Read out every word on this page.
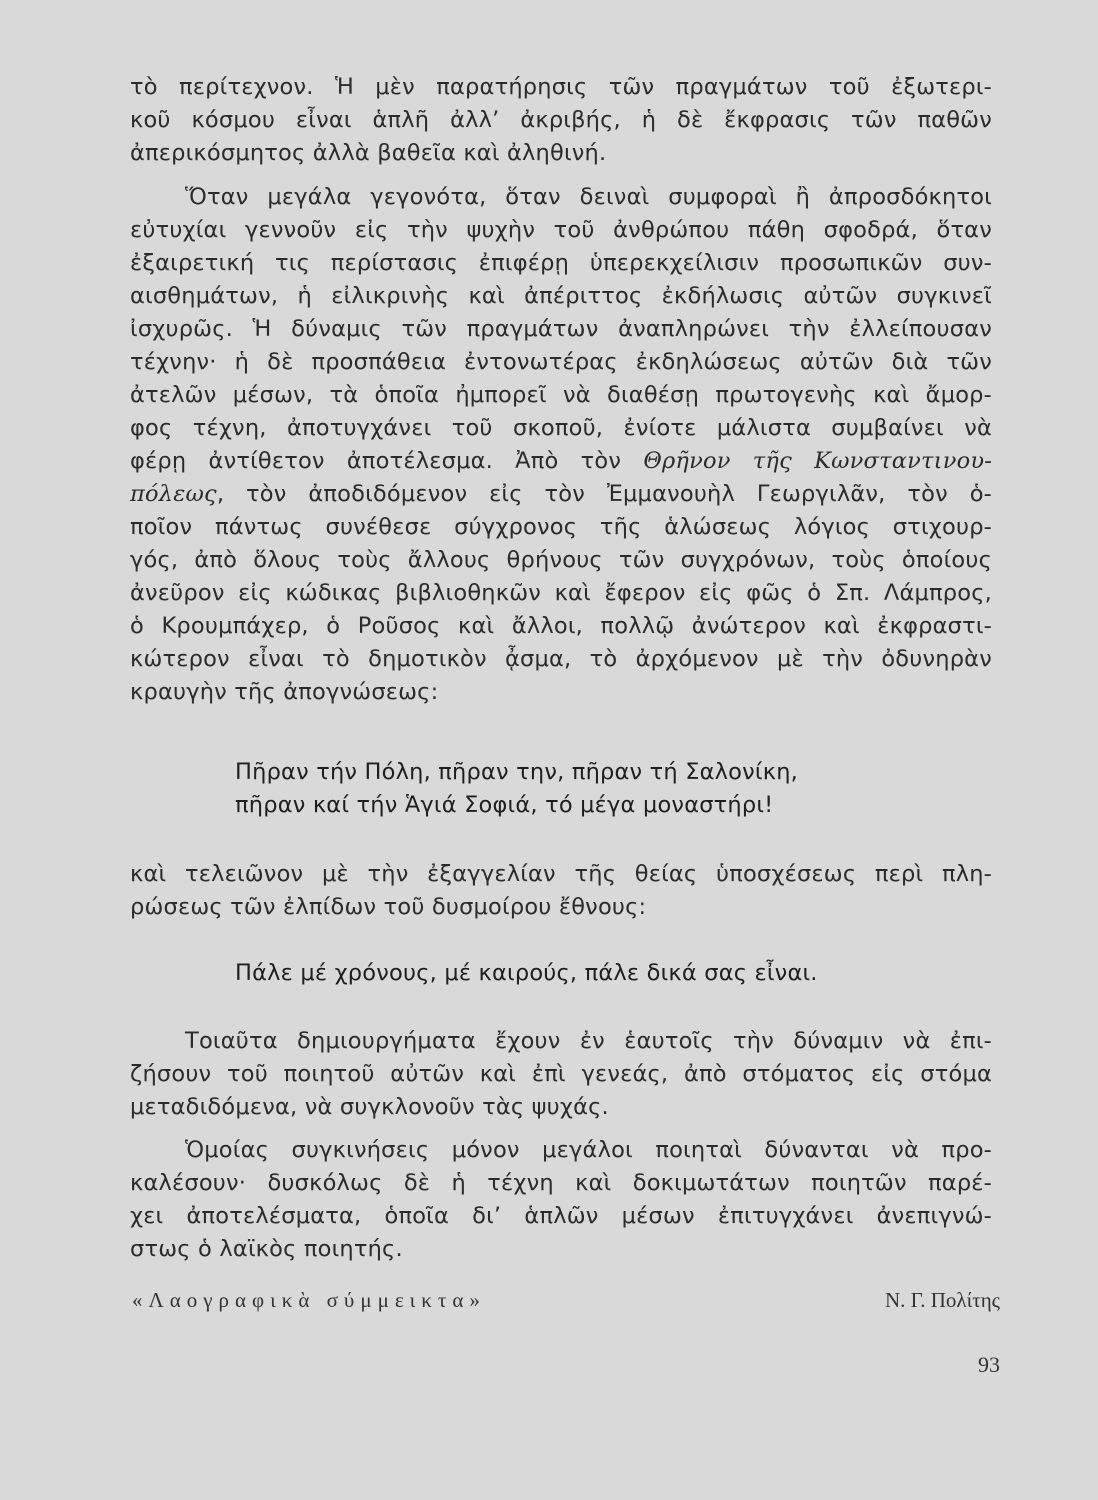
τὸ περίτεχνον. Ἡ μὲν παρατήρησις τῶν πραγμάτων τοῦ ἐξωτερι-
κοῦ κόσμου εἶναι ἁπλῆ ἀλλ’ ἀκριβής, ἡ δὲ ἔκφρασις τῶν παθῶν
ἀπερικόσμητος ἀλλὰ βαθεῖα καὶ ἀληθινή.
Ὅταν μεγάλα γεγονότα, ὅταν δειναὶ συμφοραὶ ἢ ἀπροσδόκητοι
εὐτυχίαι γεννοῦν εἰς τὴν ψυχὴν τοῦ ἀνθρώπου πάθη σφοδρά, ὅταν
ἐξαιρετική τις περίστασις ἐπιφέρῃ ὑπερεκχείλισιν προσωπικῶν συν-
αισθημάτων, ἡ εἰλικρινὴς καὶ ἀπέριττος ἐκδήλωσις αὐτῶν συγκινεῖ
ἰσχυρῶς. Ἡ δύναμις τῶν πραγμάτων ἀναπληρώνει τὴν ἐλλείπουσαν
τέχνην· ἡ δὲ προσπάθεια ἐντονωτέρας ἐκδηλώσεως αὐτῶν διὰ τῶν
ἀτελῶν μέσων, τὰ ὁποῖα ἠμπορεῖ νὰ διαθέσῃ πρωτογενὴς καὶ ἄμορ-
φος τέχνη, ἀποτυγχάνει τοῦ σκοποῦ, ἐνίοτε μάλιστα συμβαίνει νὰ
φέρῃ ἀντίθετον ἀποτέλεσμα. Ἀπὸ τὸν Θρῆνον τῆς Κωνσταντινου-
πόλεως, τὸν ἀποδιδόμενον εἰς τὸν Ἐμμανουὴλ Γεωργιλᾶν, τὸν ὁ-
ποῖον πάντως συνέθεσε σύγχρονος τῆς ἁλώσεως λόγιος στιχουρ-
γός, ἀπὸ ὅλους τοὺς ἄλλους θρήνους τῶν συγχρόνων, τοὺς ὁποίους
ἀνεῦρον εἰς κώδικας βιβλιοθηκῶν καὶ ἔφερον εἰς φῶς ὁ Σπ. Λάμπρος,
ὁ Κρουμπάχερ, ὁ Ροῦσος καὶ ἄλλοι, πολλῷ ἀνώτερον καὶ ἐκφραστι-
κώτερον εἶναι τὸ δημοτικὸν ᾆσμα, τὸ ἀρχόμενον μὲ τὴν ὀδυνηρὰν
κραυγὴν τῆς ἀπογνώσεως:
Πῆραν τήν Πόλη, πῆραν την, πῆραν τή Σαλονίκη,
πῆραν καί τήν Ἁγιά Σοφιά, τό μέγα μοναστήρι!
καὶ τελειῶνον μὲ τὴν ἐξαγγελίαν τῆς θείας ὑποσχέσεως περὶ πλη-
ρώσεως τῶν ἐλπίδων τοῦ δυσμοίρου ἔθνους:
Πάλε μέ χρόνους, μέ καιρούς, πάλε δικά σας εἶναι.
Τοιαῦτα δημιουργήματα ἔχουν ἐν ἑαυτοῖς τὴν δύναμιν νὰ ἐπι-
ζήσουν τοῦ ποιητοῦ αὐτῶν καὶ ἐπὶ γενεάς, ἀπὸ στόματος εἰς στόμα
μεταδιδόμενα, νὰ συγκλονοῦν τὰς ψυχάς.
Ὁμοίας συγκινήσεις μόνον μεγάλοι ποιηταὶ δύνανται νὰ προ-
καλέσουν· δυσκόλως δὲ ἡ τέχνη καὶ δοκιμωτάτων ποιητῶν παρέ-
χει ἀποτελέσματα, ὁποῖα δι’ ἁπλῶν μέσων ἐπιτυγχάνει ἀνεπιγνώ-
στως ὁ λαϊκὸς ποιητής.
«Λαογραφικὰ σύμμεικτα»	Ν. Γ. Πολίτης
93
